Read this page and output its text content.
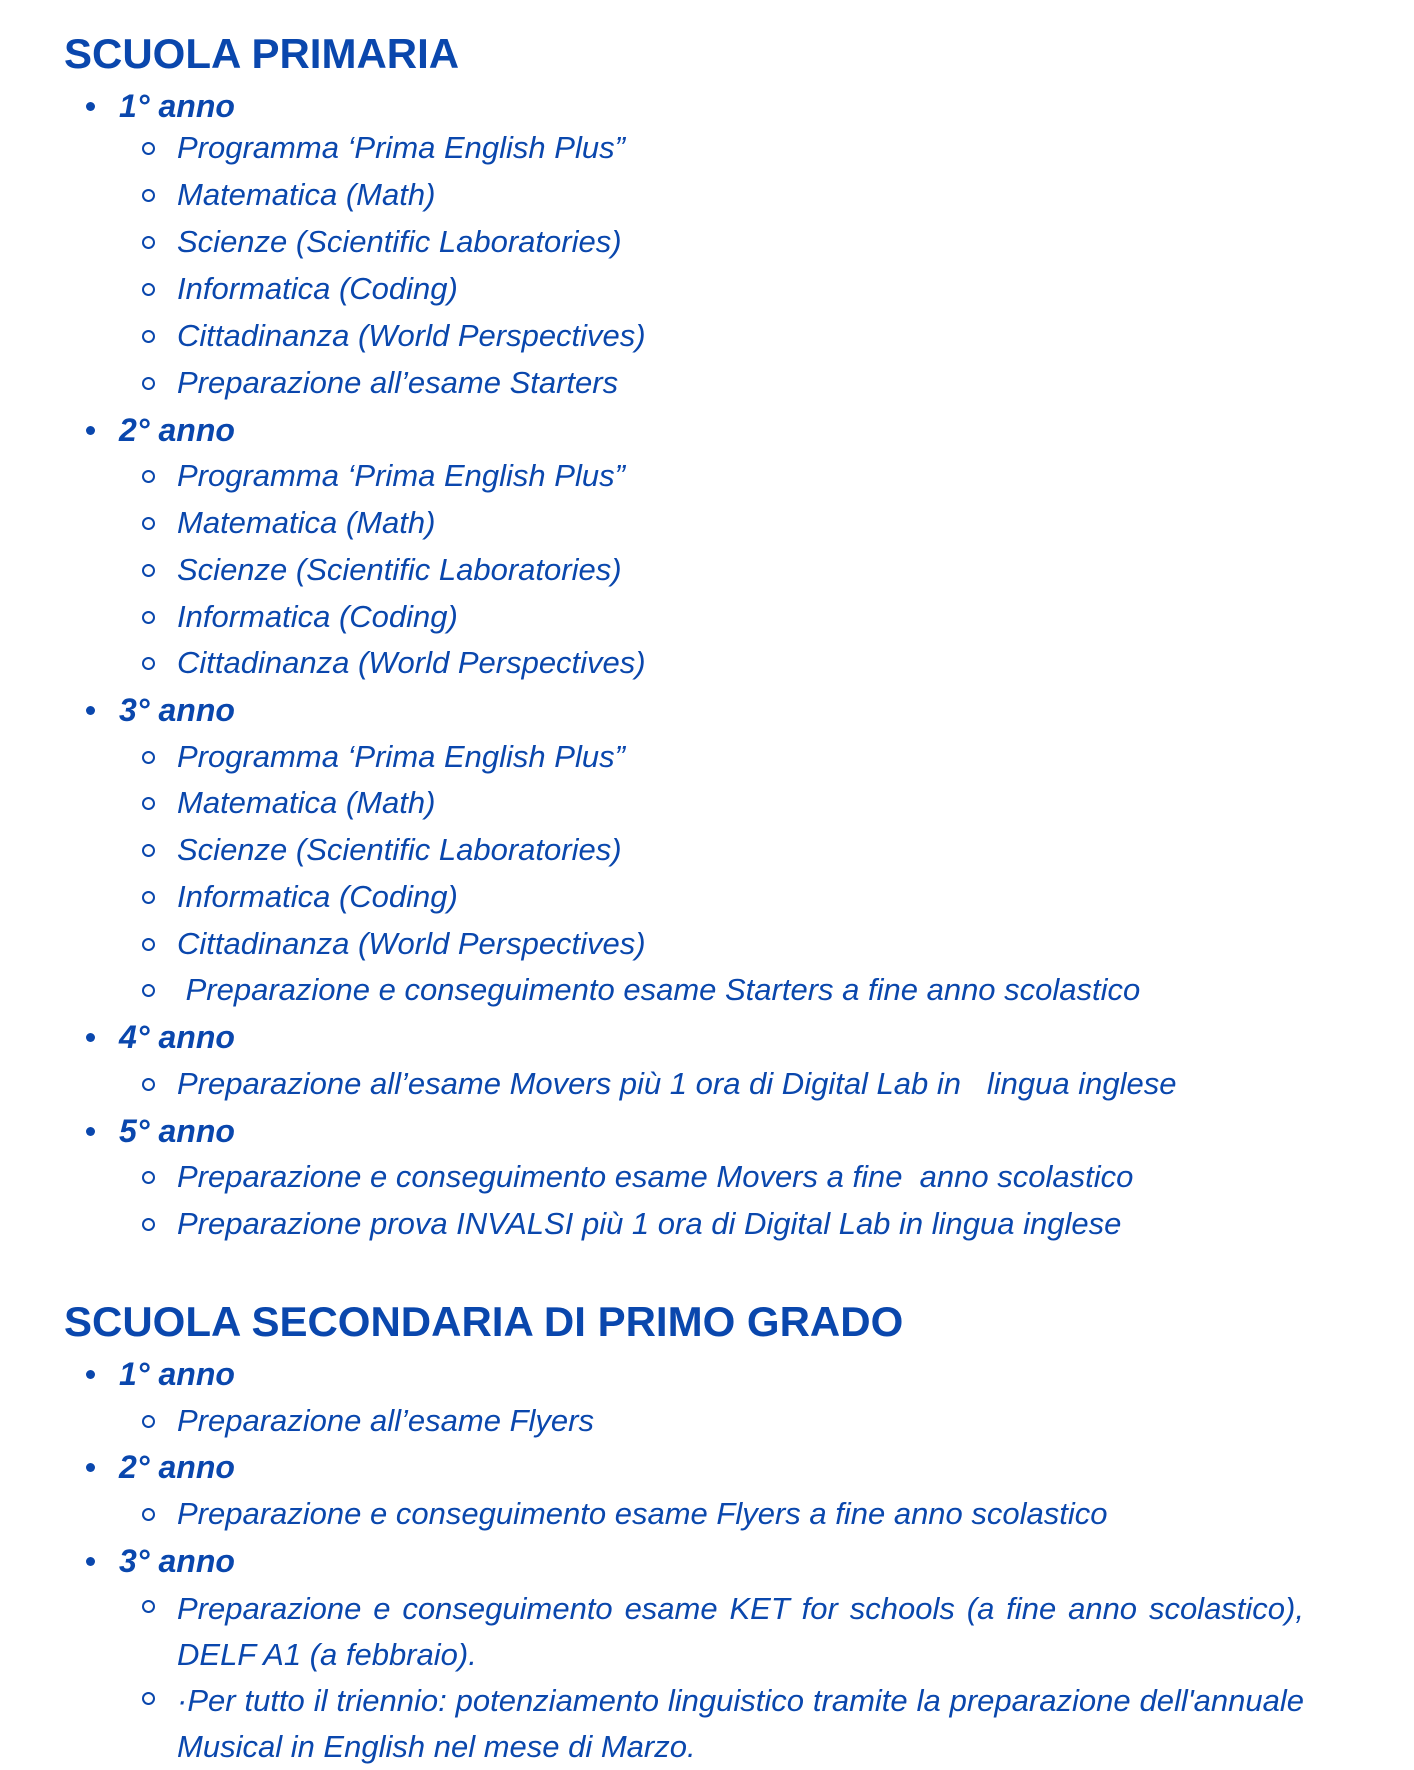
SCUOLA PRIMARIA
1° anno
Programma ‘Prima English Plus”
Matematica (Math)
Scienze (Scientific Laboratories)
Informatica (Coding)
Cittadinanza (World Perspectives)
Preparazione all’esame Starters
2° anno
Programma ‘Prima English Plus”
Matematica (Math)
Scienze (Scientific Laboratories)
Informatica (Coding)
Cittadinanza (World Perspectives)
3° anno
Programma ‘Prima English Plus”
Matematica (Math)
Scienze (Scientific Laboratories)
Informatica (Coding)
Cittadinanza (World Perspectives)
Preparazione e conseguimento esame Starters a fine anno scolastico
4° anno
Preparazione all’esame Movers più 1 ora di Digital Lab in   lingua inglese
5° anno
Preparazione e conseguimento esame Movers a fine  anno scolastico
Preparazione prova INVALSI più 1 ora di Digital Lab in lingua inglese
SCUOLA SECONDARIA DI PRIMO GRADO
1° anno
Preparazione all’esame Flyers
2° anno
Preparazione e conseguimento esame Flyers a fine anno scolastico
3° anno
Preparazione e conseguimento esame KET for schools (a fine anno scolastico), DELF A1 (a febbraio).
·Per tutto il triennio: potenziamento linguistico tramite la preparazione dell'annuale Musical in English nel mese di Marzo.
